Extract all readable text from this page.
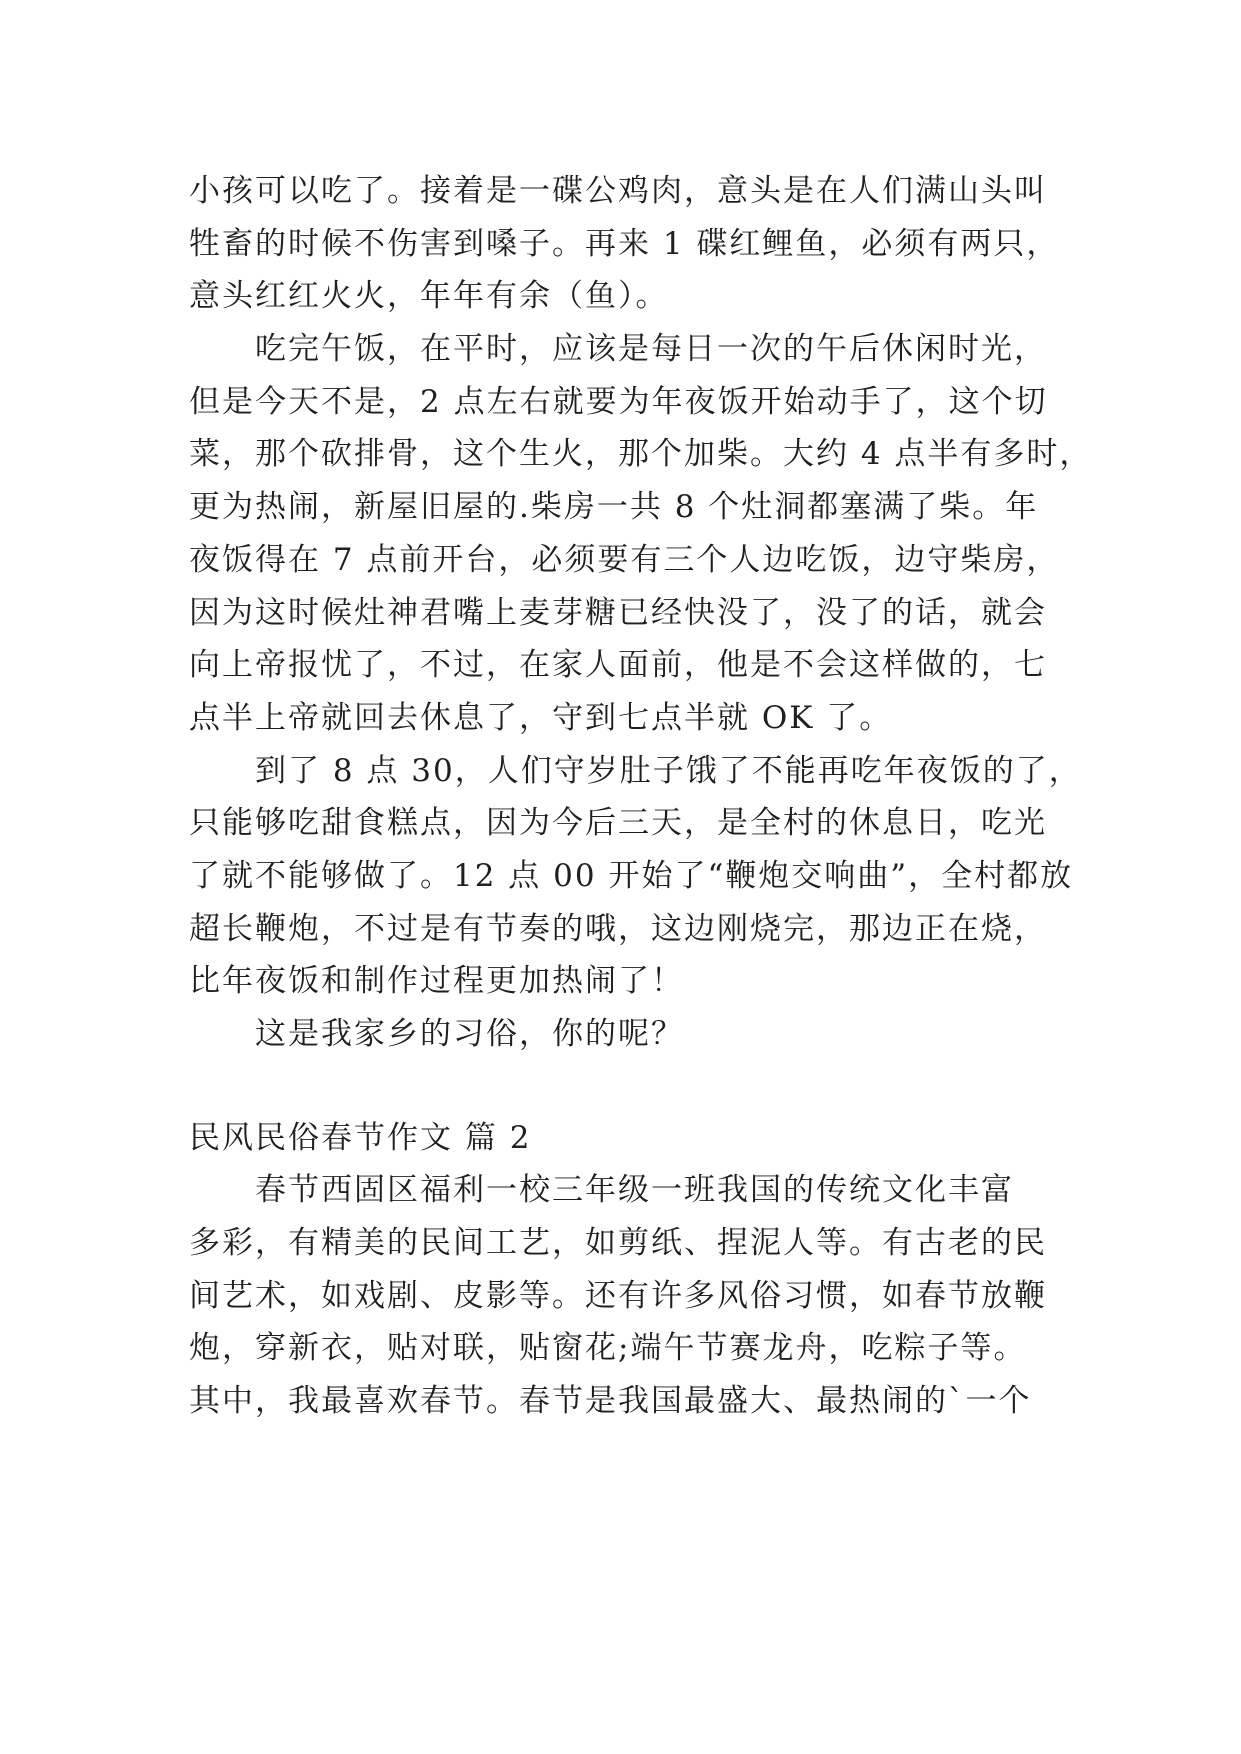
小孩可以吃了。接着是一碟公鸡肉，意头是在人们满山头叫
牲畜的时候不伤害到嗓子。再来 1 碟红鲤鱼，必须有两只，
意头红红火火，年年有余（鱼）。
吃完午饭，在平时，应该是每日一次的午后休闲时光，
但是今天不是，2 点左右就要为年夜饭开始动手了，这个切
菜，那个砍排骨，这个生火，那个加柴。大约 4 点半有多时，
更为热闹，新屋旧屋的.柴房一共 8 个灶洞都塞满了柴。年
夜饭得在 7 点前开台，必须要有三个人边吃饭，边守柴房，
因为这时候灶神君嘴上麦芽糖已经快没了，没了的话，就会
向上帝报忧了，不过，在家人面前，他是不会这样做的，七
点半上帝就回去休息了，守到七点半就 OK 了。
到了 8 点 30，人们守岁肚子饿了不能再吃年夜饭的了，
只能够吃甜食糕点，因为今后三天，是全村的休息日，吃光
了就不能够做了。12 点 00 开始了“鞭炮交响曲”，全村都放
超长鞭炮，不过是有节奏的哦，这边刚烧完，那边正在烧，
比年夜饭和制作过程更加热闹了！
这是我家乡的习俗，你的呢？
民风民俗春节作文 篇 2
春节西固区福利一校三年级一班我国的传统文化丰富
多彩，有精美的民间工艺，如剪纸、捏泥人等。有古老的民
间艺术，如戏剧、皮影等。还有许多风俗习惯，如春节放鞭
炮，穿新衣，贴对联，贴窗花;端午节赛龙舟，吃粽子等。
其中，我最喜欢春节。春节是我国最盛大、最热闹的`一个
